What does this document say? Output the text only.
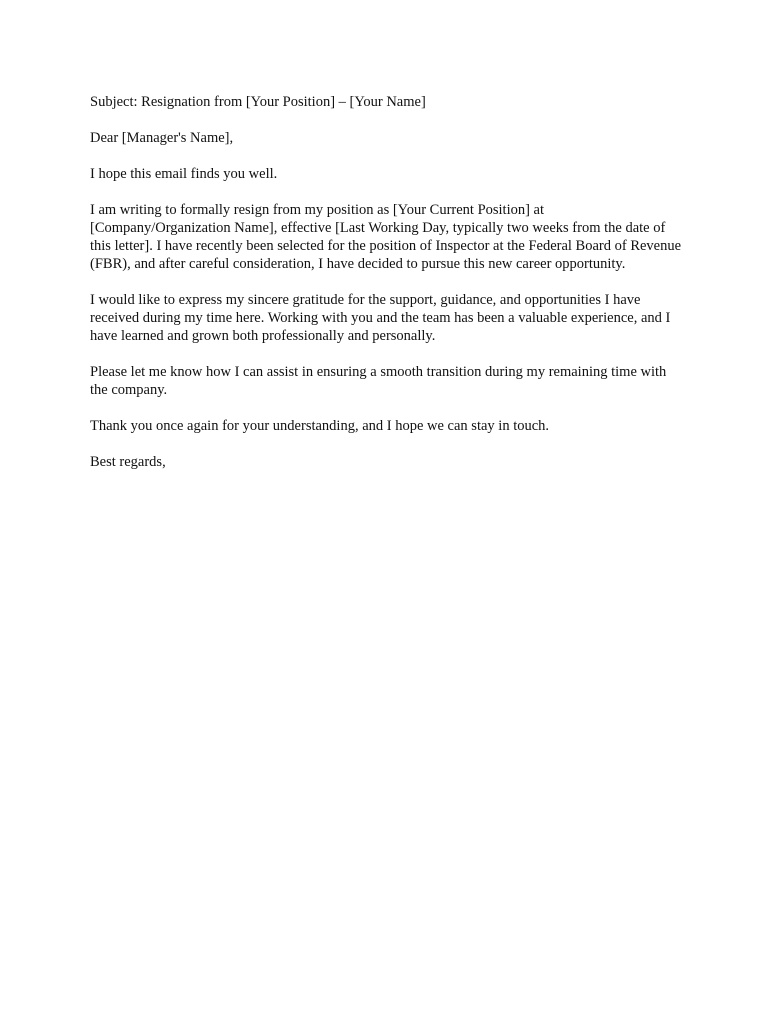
Subject: Resignation from [Your Position] – [Your Name]

Dear [Manager's Name],

I hope this email finds you well.

I am writing to formally resign from my position as [Your Current Position] at [Company/Organization Name], effective [Last Working Day, typically two weeks from the date of this letter]. I have recently been selected for the position of Inspector at the Federal Board of Revenue (FBR), and after careful consideration, I have decided to pursue this new career opportunity.

I would like to express my sincere gratitude for the support, guidance, and opportunities I have received during my time here. Working with you and the team has been a valuable experience, and I have learned and grown both professionally and personally.

Please let me know how I can assist in ensuring a smooth transition during my remaining time with the company.

Thank you once again for your understanding, and I hope we can stay in touch.

Best regards,
